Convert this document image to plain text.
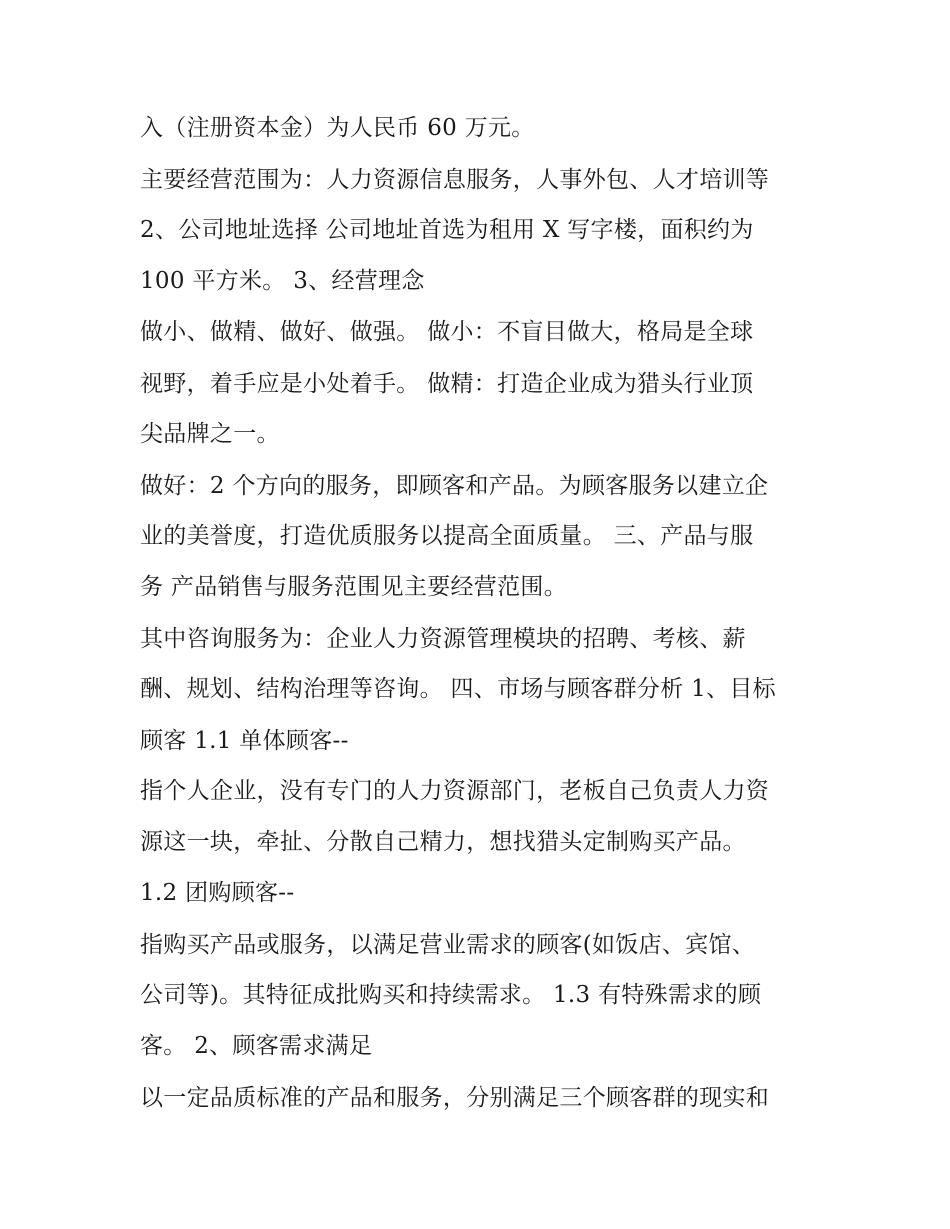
入（注册资本金）为人民币 60 万元。
主要经营范围为：人力资源信息服务，人事外包、人才培训等
2、公司地址选择 公司地址首选为租用 X 写字楼，面积约为
100 平方米。 3、经营理念
做小、做精、做好、做强。 做小：不盲目做大，格局是全球
视野，着手应是小处着手。 做精：打造企业成为猎头行业顶
尖品牌之一。
做好：2 个方向的服务，即顾客和产品。为顾客服务以建立企
业的美誉度，打造优质服务以提高全面质量。 三、产品与服
务 产品销售与服务范围见主要经营范围。
其中咨询服务为：企业人力资源管理模块的招聘、考核、薪
酬、规划、结构治理等咨询。 四、市场与顾客群分析 1、目标
顾客 1.1 单体顾客--
指个人企业，没有专门的人力资源部门，老板自己负责人力资
源这一块，牵扯、分散自己精力，想找猎头定制购买产品。
1.2 团购顾客--
指购买产品或服务，以满足营业需求的顾客(如饭店、宾馆、
公司等)。其特征成批购买和持续需求。 1.3 有特殊需求的顾
客。 2、顾客需求满足
以一定品质标准的产品和服务，分别满足三个顾客群的现实和
